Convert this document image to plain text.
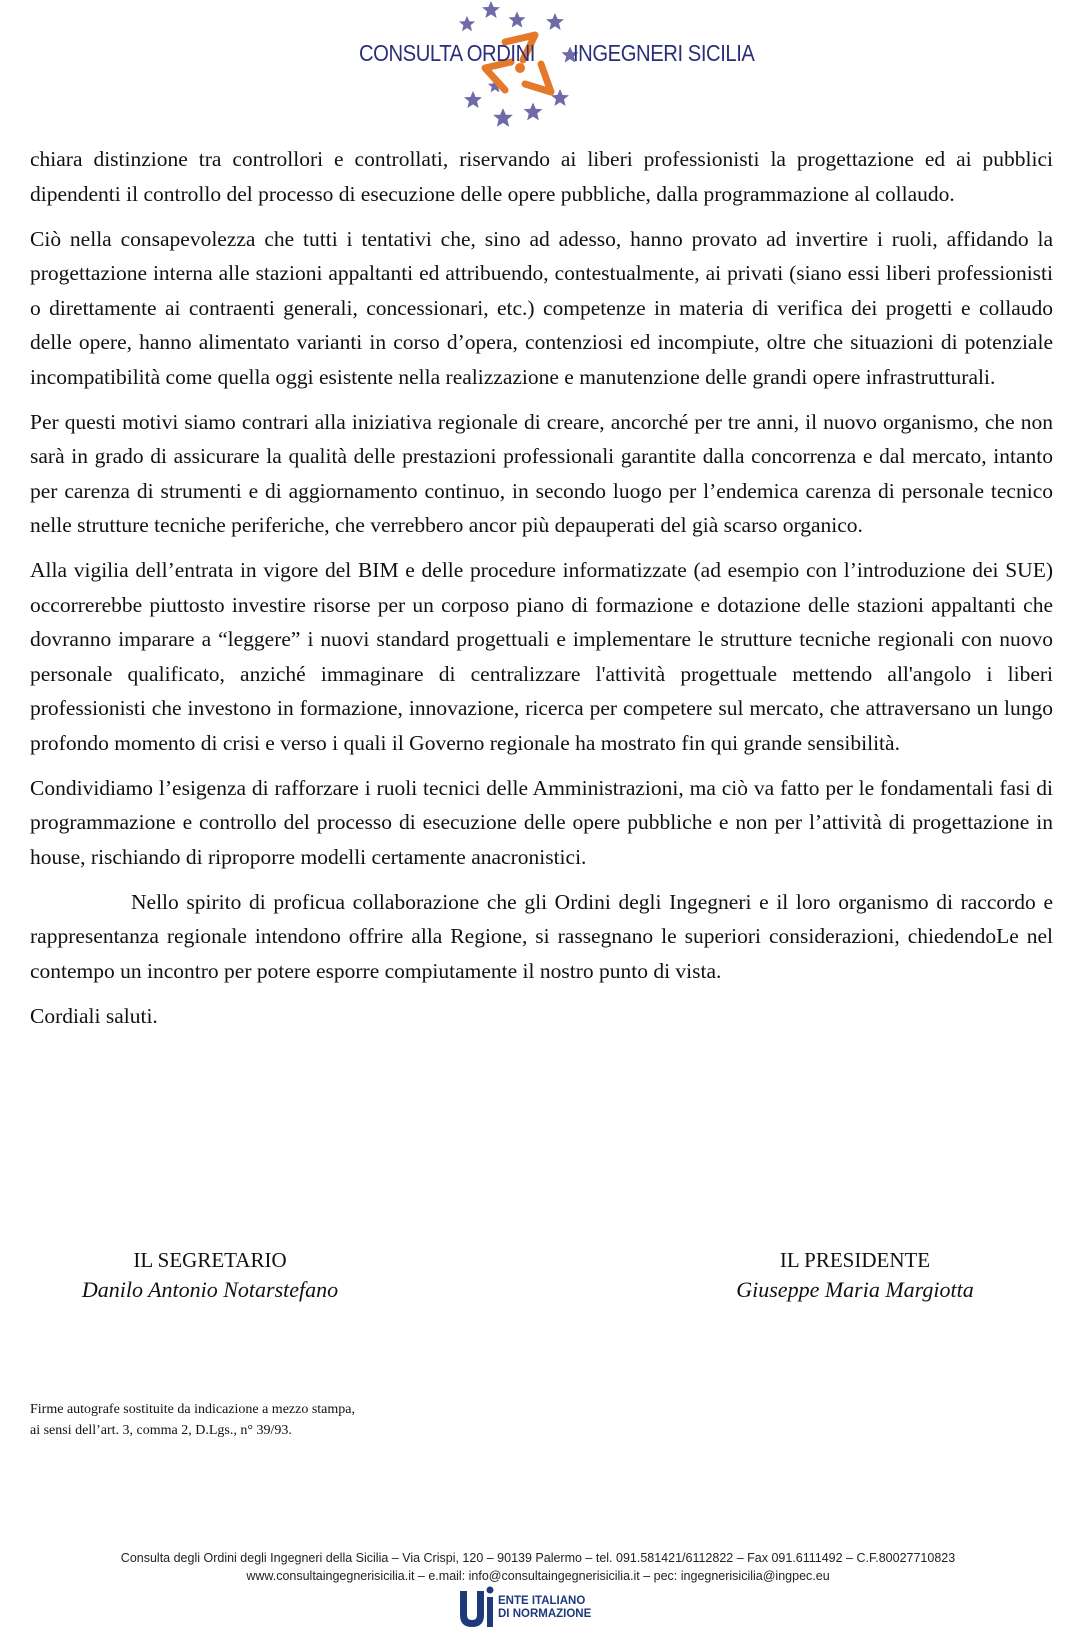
CONSULTA ORDINI INGEGNERI SICILIA

chiara distinzione tra controllori e controllati, riservando ai liberi professionisti la progettazione ed ai pubblici dipendenti il controllo del processo di esecuzione delle opere pubbliche, dalla programmazione al collaudo.

Ciò nella consapevolezza che tutti i tentativi che, sino ad adesso, hanno provato ad invertire i ruoli, affidando la progettazione interna alle stazioni appaltanti ed attribuendo, contestualmente, ai privati (siano essi liberi professionisti o direttamente ai contraenti generali, concessionari, etc.) competenze in materia di verifica dei progetti e collaudo delle opere, hanno alimentato varianti in corso d’opera, contenziosi ed incompiute, oltre che situazioni di potenziale incompatibilità come quella oggi esistente nella realizzazione e manutenzione delle grandi opere infrastrutturali.

Per questi motivi siamo contrari alla iniziativa regionale di creare, ancorché per tre anni, il nuovo organismo, che non sarà in grado di assicurare la qualità delle prestazioni professionali garantite dalla concorrenza e dal mercato, intanto per carenza di strumenti e di aggiornamento continuo, in secondo luogo per l’endemica carenza di personale tecnico nelle strutture tecniche periferiche, che verrebbero ancor più depauperati del già scarso organico.

Alla vigilia dell’entrata in vigore del BIM e delle procedure informatizzate (ad esempio con l’introduzione dei SUE) occorrerebbe piuttosto investire risorse per un corposo piano di formazione e dotazione delle stazioni appaltanti che dovranno imparare a “leggere” i nuovi standard progettuali e implementare le strutture tecniche regionali con nuovo personale qualificato, anziché immaginare di centralizzare l'attività progettuale mettendo all'angolo i liberi professionisti che investono in formazione, innovazione, ricerca per competere sul mercato, che attraversano un lungo profondo momento di crisi e verso i quali il Governo regionale ha mostrato fin qui grande sensibilità.

Condividiamo l’esigenza di rafforzare i ruoli tecnici delle Amministrazioni, ma ciò va fatto per le fondamentali fasi di programmazione e controllo del processo di esecuzione delle opere pubbliche e non per l’attività di progettazione in house, rischiando di riproporre modelli certamente anacronistici.

Nello spirito di proficua collaborazione che gli Ordini degli Ingegneri e il loro organismo di raccordo e rappresentanza regionale intendono offrire alla Regione, si rassegnano le superiori considerazioni, chiedendoLe nel contempo un incontro per potere esporre compiutamente il nostro punto di vista.

Cordiali saluti.

IL SEGRETARIO
Danilo Antonio Notarstefano
IL PRESIDENTE
Giuseppe Maria Margiotta
Firme autografe sostituite da indicazione a mezzo stampa,
ai sensi dell’art. 3, comma 2, D.Lgs., n° 39/93.
Consulta degli Ordini degli Ingegneri della Sicilia – Via Crispi, 120 – 90139 Palermo – tel. 091.581421/6112822 – Fax 091.6111492 – C.F.80027710823
www.consultaingegnerisicilia.it – e.mail: info@consultaingegnerisicilia.it – pec: ingegnerisicilia@ingpec.eu
ENTE ITALIANO
DI NORMAZIONE
